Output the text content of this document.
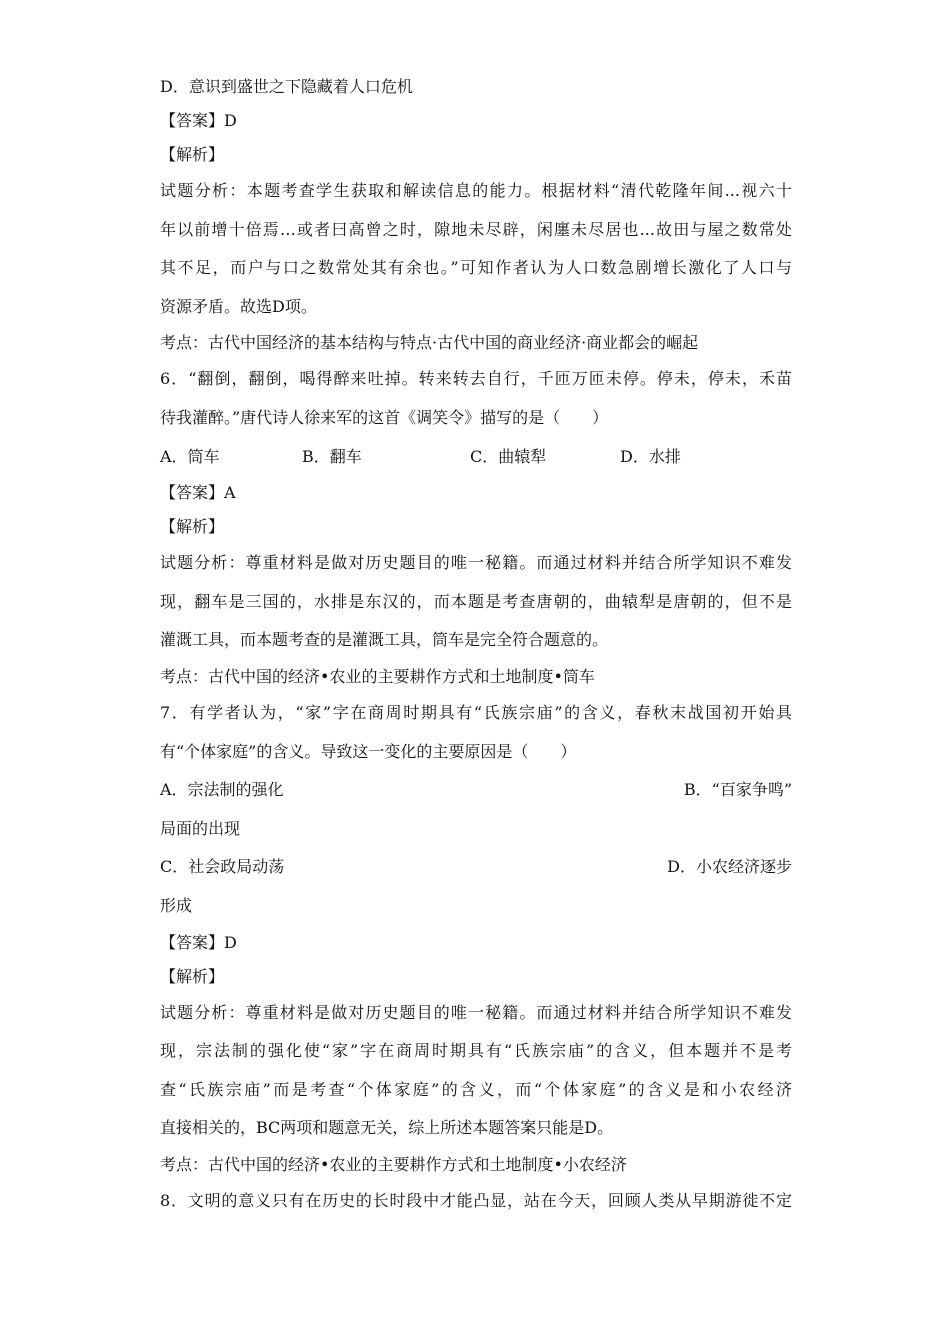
D．意识到盛世之下隐藏着人口危机
【答案】D
【解析】
试题分析：本题考查学生获取和解读信息的能力。根据材料“清代乾隆年间...视六十
年以前增十倍焉…或者曰高曾之时，隙地未尽辟，闲廛未尽居也...故田与屋之数常处
其不足，而户与口之数常处其有余也。”可知作者认为人口数急剧增长激化了人口与
资源矛盾。故选D项。
考点：古代中国经济的基本结构与特点·古代中国的商业经济·商业都会的崛起
6．“翻倒，翻倒，喝得醉来吐掉。转来转去自行，千匝万匝未停。停未，停未，禾苗
待我灌醉。”唐代诗人徐来军的这首《调笑令》描写的是（　　）
A．筒车	B．翻车	C．曲辕犁	D．水排
【答案】A
【解析】
试题分析：尊重材料是做对历史题目的唯一秘籍。而通过材料并结合所学知识不难发
现，翻车是三国的，水排是东汉的，而本题是考查唐朝的，曲辕犁是唐朝的，但不是
灌溉工具，而本题考查的是灌溉工具，筒车是完全符合题意的。
考点：古代中国的经济•农业的主要耕作方式和土地制度•筒车
7．有学者认为，“家”字在商周时期具有“氏族宗庙”的含义，春秋末战国初开始具
有“个体家庭”的含义。导致这一变化的主要原因是（　　）
A．宗法制的强化	B．“百家争鸣”
局面的出现
C．社会政局动荡	D．小农经济逐步
形成
【答案】D
【解析】
试题分析：尊重材料是做对历史题目的唯一秘籍。而通过材料并结合所学知识不难发
现，宗法制的强化使“家”字在商周时期具有“氏族宗庙”的含义，但本题并不是考
查“氏族宗庙”而是考查“个体家庭”的含义，而“个体家庭”的含义是和小农经济
直接相关的，BC两项和题意无关，综上所述本题答案只能是D。
考点：古代中国的经济•农业的主要耕作方式和土地制度•小农经济
8．文明的意义只有在历史的长时段中才能凸显，站在今天，回顾人类从早期游徙不定
